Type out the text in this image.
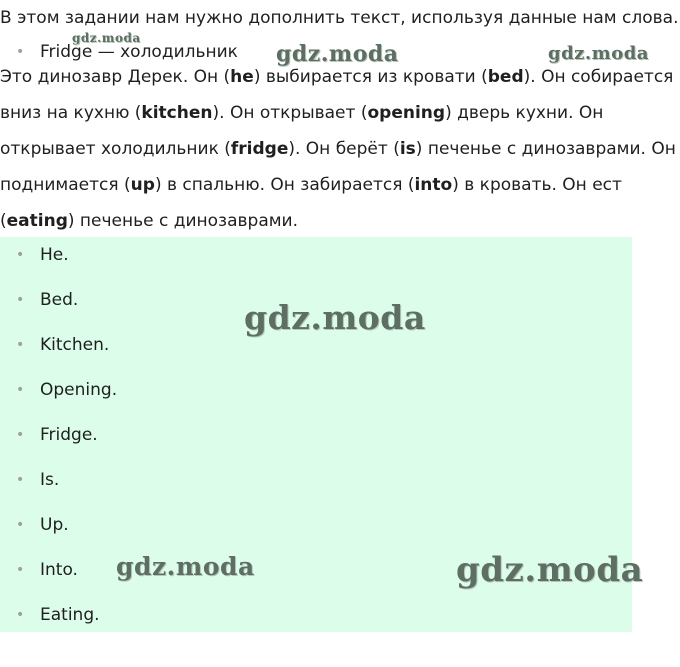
В этом задании нам нужно дополнить текст, используя данные нам слова.

• Fridge — холодильник

Это динозавр Дерек. Он (he) выбирается из кровати (bed). Он собирается вниз на кухню (kitchen). Он открывает (opening) дверь кухни. Он открывает холодильник (fridge). Он берёт (is) печенье с динозаврами. Он поднимается (up) в спальню. Он забирается (into) в кровать. Он ест (eating) печенье с динозаврами.

• He.
• Bed.
• Kitchen.
• Opening.
• Fridge.
• Is.
• Up.
• Into.
• Eating.
gdz.moda
gdz.moda	gdz.moda
gdz.moda
gdz.moda	gdz.moda
